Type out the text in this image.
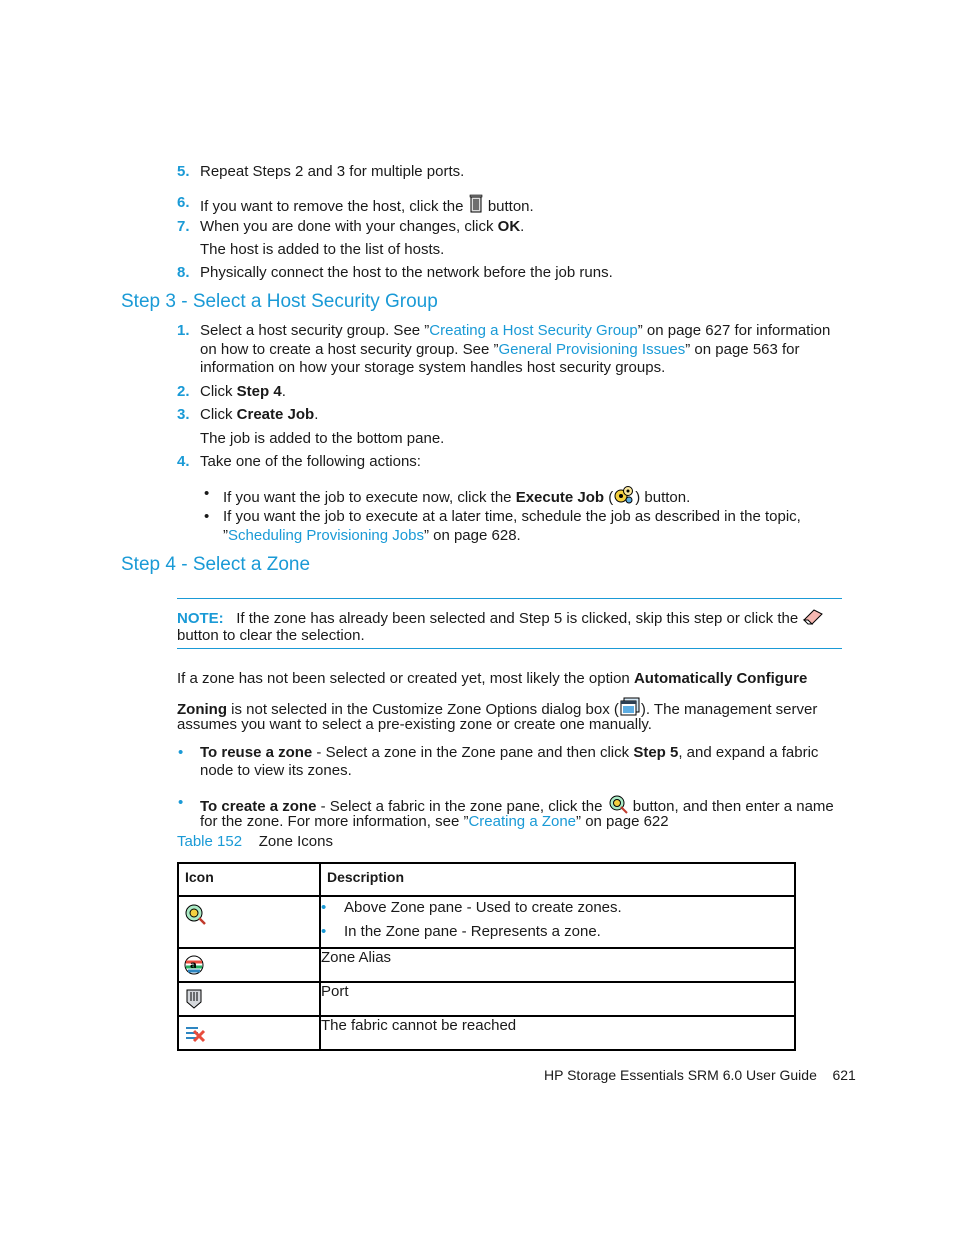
5. Repeat Steps 2 and 3 for multiple ports.
6. If you want to remove the host, click the button.
7. When you are done with your changes, click OK.
The host is added to the list of hosts.
8. Physically connect the host to the network before the job runs.
Step 3 - Select a Host Security Group
1. Select a host security group. See ”Creating a Host Security Group” on page 627 for information
on how to create a host security group. See ”General Provisioning Issues” on page 563 for
information on how your storage system handles host security groups.
2. Click Step 4.
3. Click Create Job.
The job is added to the bottom pane.
4. Take one of the following actions:
• If you want the job to execute now, click the Execute Job ( ) button.
• If you want the job to execute at a later time, schedule the job as described in the topic,
”Scheduling Provisioning Jobs” on page 628.
Step 4 - Select a Zone
NOTE: If the zone has already been selected and Step 5 is clicked, skip this step or click the
button to clear the selection.
If a zone has not been selected or created yet, most likely the option Automatically Configure
Zoning is not selected in the Customize Zone Options dialog box ( ). The management server
assumes you want to select a pre-existing zone or create one manually.
• To reuse a zone - Select a zone in the Zone pane and then click Step 5, and expand a fabric
node to view its zones.
• To create a zone - Select a fabric in the zone pane, click the button, and then enter a name
for the zone. For more information, see ”Creating a Zone” on page 622
Table 152 Zone Icons
Icon	Description

• Above Zone pane - Used to create zones.
• In the Zone pane - Represents a zone.

a	Zone Alias
	Port
	The fabric cannot be reached
HP Storage Essentials SRM 6.0 User Guide 621
